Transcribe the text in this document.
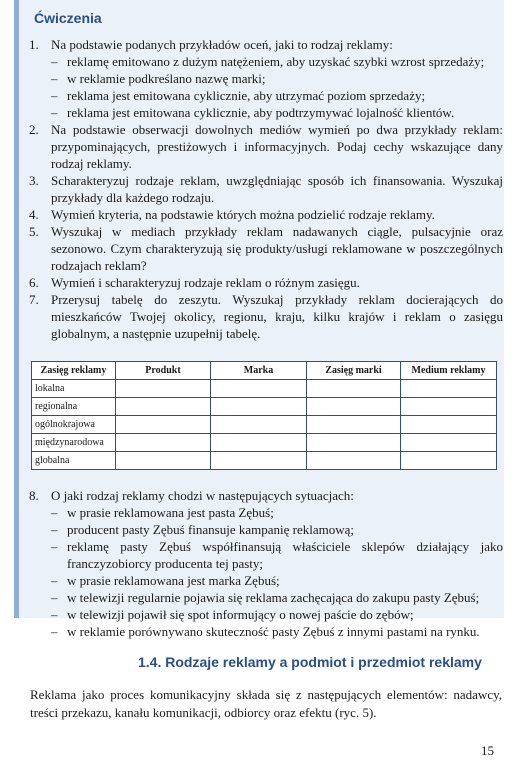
Ćwiczenia
1. Na podstawie podanych przykładów oceń, jaki to rodzaj reklamy:
– reklamę emitowano z dużym natężeniem, aby uzyskać szybki wzrost sprzedaży;
– w reklamie podkreślano nazwę marki;
– reklama jest emitowana cyklicznie, aby utrzymać poziom sprzedaży;
– reklama jest emitowana cyklicznie, aby podtrzymywać lojalność klientów.
2. Na podstawie obserwacji dowolnych mediów wymień po dwa przykłady reklam: przypominających, prestiżowych i informacyjnych. Podaj cechy wskazujące dany rodzaj reklamy.
3. Scharakteryzuj rodzaje reklam, uwzględniając sposób ich finansowania. Wyszukaj przykłady dla każdego rodzaju.
4. Wymień kryteria, na podstawie których można podzielić rodzaje reklamy.
5. Wyszukaj w mediach przykłady reklam nadawanych ciągle, pulsacyjnie oraz sezonowo. Czym charakteryzują się produkty/usługi reklamowane w poszczególnych rodzajach reklam?
6. Wymień i scharakteryzuj rodzaje reklam o różnym zasięgu.
7. Przerysuj tabelę do zeszytu. Wyszukaj przykłady reklam docierających do mieszkańców Twojej okolicy, regionu, kraju, kilku krajów i reklam o zasięgu globalnym, a następnie uzupełnij tabelę.
Zasięg reklamy	Produkt	Marka	Zasięg marki	Medium reklamy
lokalna				
regionalna				
ogólnokrajowa				
międzynarodowa				
globalna				
8. O jaki rodzaj reklamy chodzi w następujących sytuacjach:
– w prasie reklamowana jest pasta Zębuś;
– producent pasty Zębuś finansuje kampanię reklamową;
– reklamę pasty Zębuś współfinansują właściciele sklepów działający jako franczyzobiorcy producenta tej pasty;
– w prasie reklamowana jest marka Zębuś;
– w telewizji regularnie pojawia się reklama zachęcająca do zakupu pasty Zębuś;
– w telewizji pojawił się spot informujący o nowej paście do zębów;
– w reklamie porównywano skuteczność pasty Zębuś z innymi pastami na rynku.
1.4. Rodzaje reklamy a podmiot i przedmiot reklamy

Reklama jako proces komunikacyjny składa się z następujących elementów: nadawcy, treści przekazu, kanału komunikacji, odbiorcy oraz efektu (ryc. 5).

15
